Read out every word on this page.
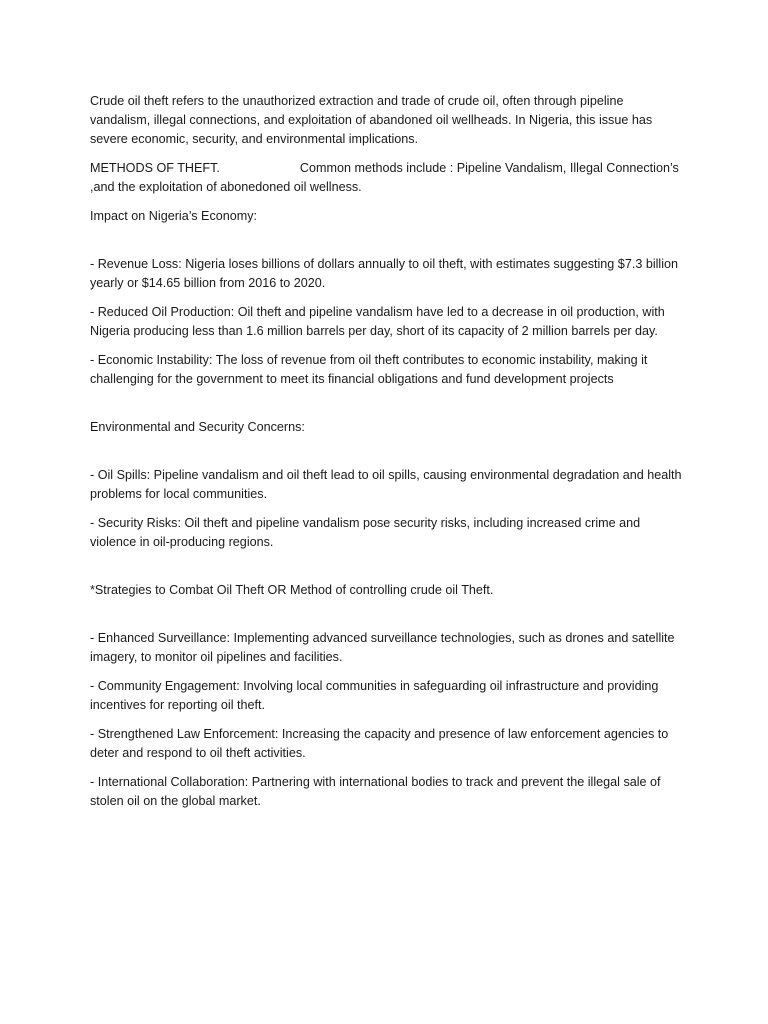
Crude oil theft refers to the unauthorized extraction and trade of crude oil, often through pipeline vandalism, illegal connections, and exploitation of abandoned oil wellheads. In Nigeria, this issue has severe economic, security, and environmental implications.

METHODS OF THEFT.	Common methods include : Pipeline Vandalism, Illegal Connection’s ,and the exploitation of abonedoned oil wellness.

Impact on Nigeria’s Economy:

- Revenue Loss: Nigeria loses billions of dollars annually to oil theft, with estimates suggesting $7.3 billion yearly or $14.65 billion from 2016 to 2020.

- Reduced Oil Production: Oil theft and pipeline vandalism have led to a decrease in oil production, with Nigeria producing less than 1.6 million barrels per day, short of its capacity of 2 million barrels per day.

- Economic Instability: The loss of revenue from oil theft contributes to economic instability, making it challenging for the government to meet its financial obligations and fund development projects

Environmental and Security Concerns:

- Oil Spills: Pipeline vandalism and oil theft lead to oil spills, causing environmental degradation and health problems for local communities.

- Security Risks: Oil theft and pipeline vandalism pose security risks, including increased crime and violence in oil-producing regions.

*Strategies to Combat Oil Theft OR Method of controlling crude oil Theft.

- Enhanced Surveillance: Implementing advanced surveillance technologies, such as drones and satellite imagery, to monitor oil pipelines and facilities.

- Community Engagement: Involving local communities in safeguarding oil infrastructure and providing incentives for reporting oil theft.

- Strengthened Law Enforcement: Increasing the capacity and presence of law enforcement agencies to deter and respond to oil theft activities.

- International Collaboration: Partnering with international bodies to track and prevent the illegal sale of stolen oil on the global market.
